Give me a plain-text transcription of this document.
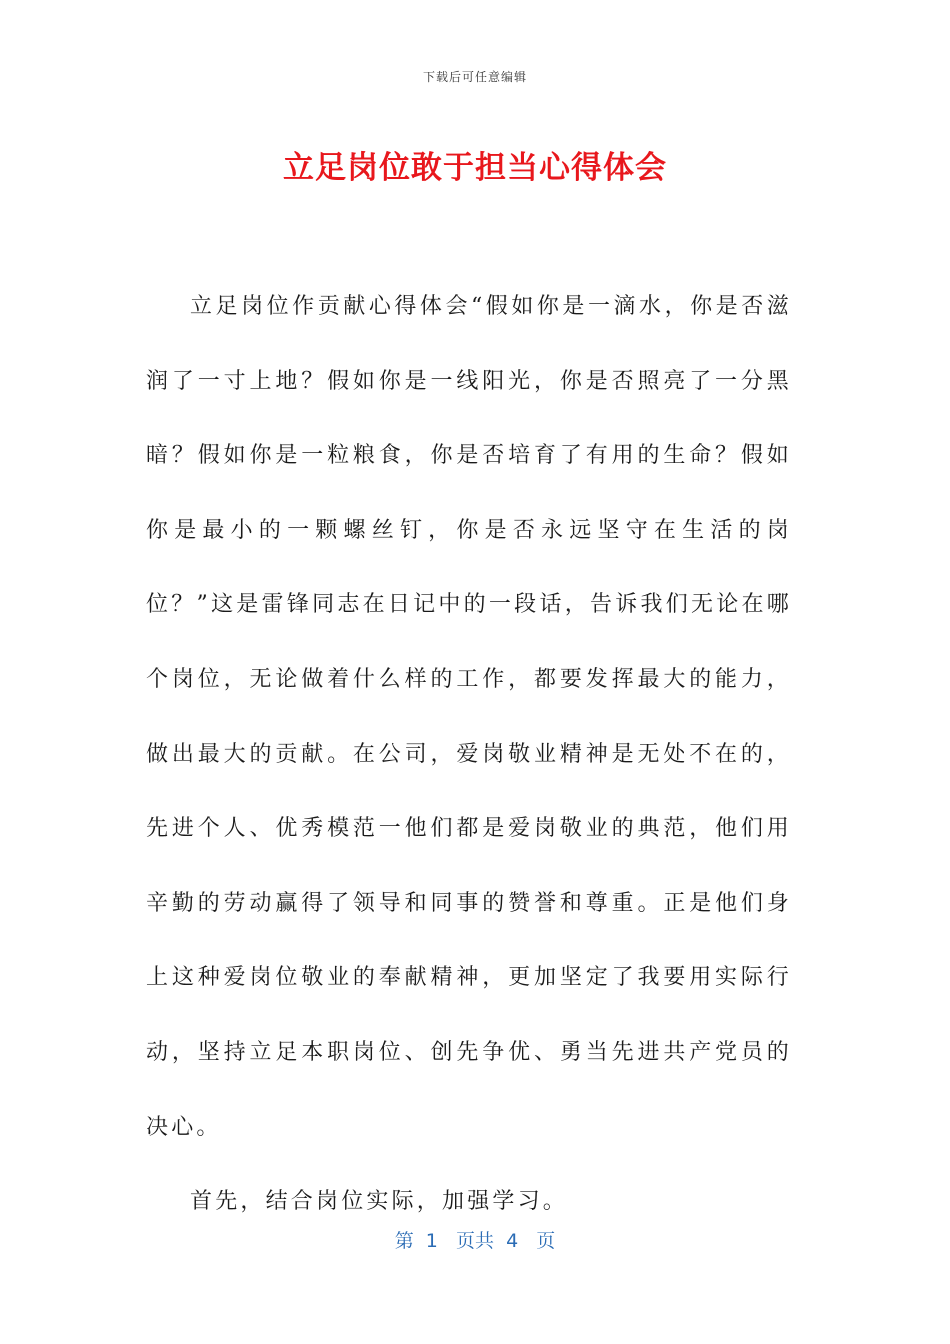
下载后可任意编辑
立足岗位敢于担当心得体会

立足岗位作贡献心得体会“假如你是一滴水，你是否滋润了一寸上地？假如你是一线阳光，你是否照亮了一分黑暗？假如你是一粒粮食，你是否培育了有用的生命？假如你是最小的一颗螺丝钉，你是否永远坚守在生活的岗位？”这是雷锋同志在日记中的一段话，告诉我们无论在哪个岗位，无论做着什么样的工作，都要发挥最大的能力，做出最大的贡献。在公司，爱岗敬业精神是无处不在的，先进个人、优秀模范一他们都是爱岗敬业的典范，他们用辛勤的劳动赢得了领导和同事的赞誉和尊重。正是他们身上这种爱岗位敬业的奉献精神，更加坚定了我要用实际行动，坚持立足本职岗位、创先争优、勇当先进共产党员的决心。

首先，结合岗位实际，加强学习。

第  1   页共  4   页
